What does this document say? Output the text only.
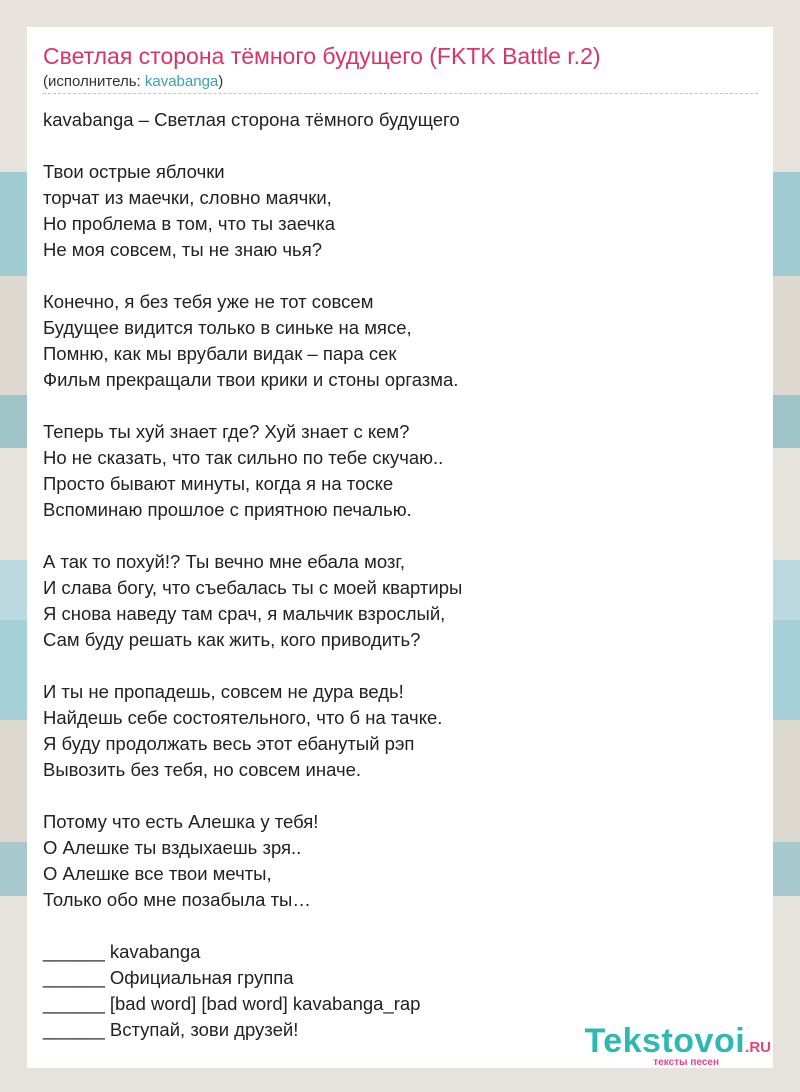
Светлая сторона тёмного будущего (FKTK Battle r.2)
(исполнитель: kavabanga)
kavabanga – Светлая сторона тёмного будущего
Твои острые яблочки
торчат из маечки, словно маячки,
Но проблема в том, что ты заечка
Не моя совсем, ты не знаю чья?
Конечно, я без тебя уже не тот совсем
Будущее видится только в синьке на мясе,
Помню, как мы врубали видак – пара сек
Фильм прекращали твои крики и стоны оргазма.
Теперь ты хуй знает где? Хуй знает с кем?
Но не сказать, что так сильно по тебе скучаю..
Просто бывают минуты, когда я на тоске
Вспоминаю прошлое с приятною печалью.
А так то похуй!? Ты вечно мне ебала мозг,
И слава богу, что съебалась ты с моей квартиры
Я снова наведу там срач, я мальчик взрослый,
Сам буду решать как жить, кого приводить?
И ты не пропадешь, совсем не дура ведь!
Найдешь себе состоятельного, что б на тачке.
Я буду продолжать весь этот ебанутый рэп
Вывозить без тебя, но совсем иначе.
Потому что есть Алешка у тебя!
О Алешке ты вздыхаешь зря..
О Алешке все твои мечты,
Только обо мне позабыла ты…
______ kavabanga
______ Официальная группа
______ [bad word] [bad word] kavabanga_rap
______ Вступай, зови друзей!	Tekstovoi.RU
тексты песен
